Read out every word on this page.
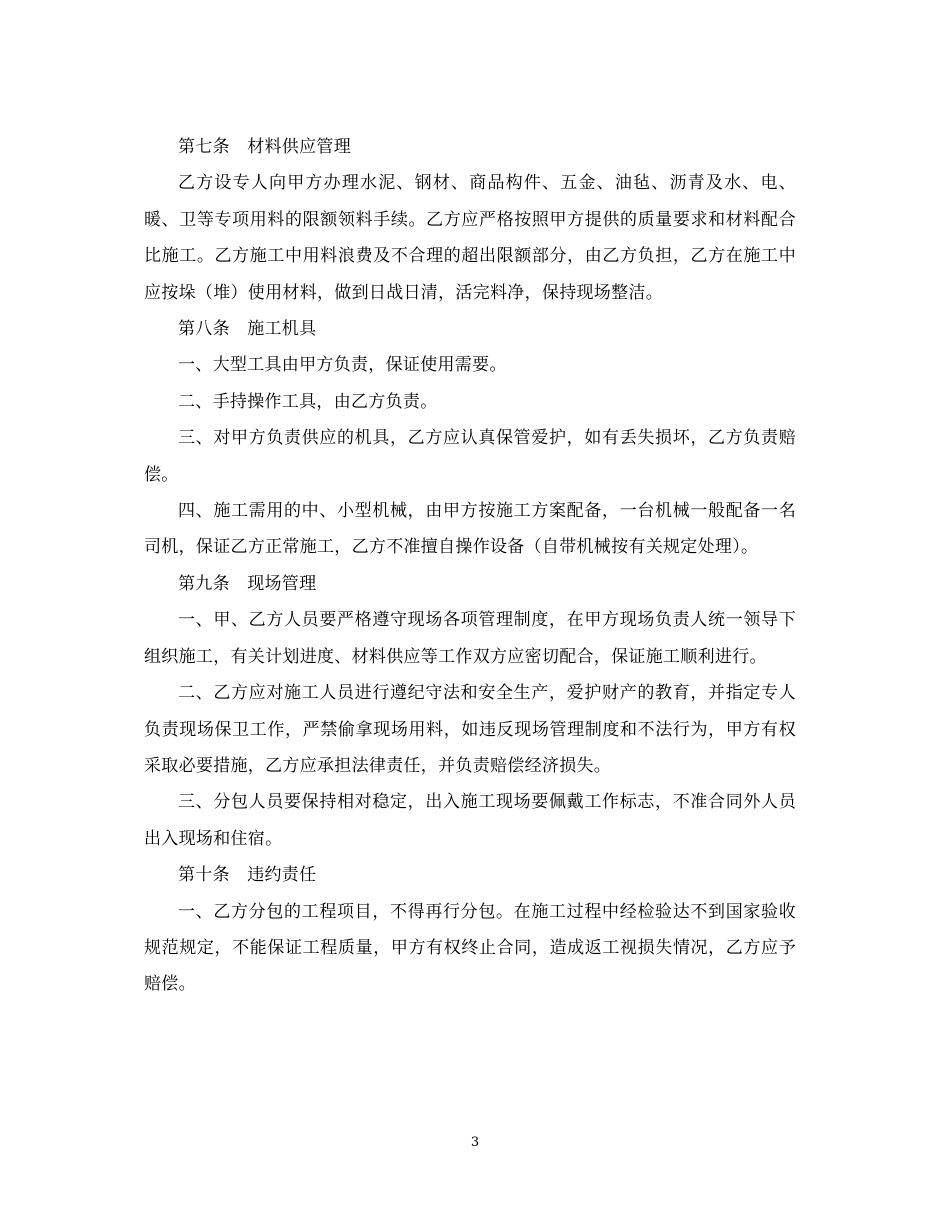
第七条　材料供应管理

乙方设专人向甲方办理水泥、钢材、商品构件、五金、油毡、沥青及水、电、暖、卫等专项用料的限额领料手续。乙方应严格按照甲方提供的质量要求和材料配合比施工。乙方施工中用料浪费及不合理的超出限额部分，由乙方负担，乙方在施工中应按垛（堆）使用材料，做到日战日清，活完料净，保持现场整洁。

第八条　施工机具

一、大型工具由甲方负责，保证使用需要。

二、手持操作工具，由乙方负责。

三、对甲方负责供应的机具，乙方应认真保管爱护，如有丢失损坏，乙方负责赔偿。

四、施工需用的中、小型机械，由甲方按施工方案配备，一台机械一般配备一名司机，保证乙方正常施工，乙方不准擅自操作设备（自带机械按有关规定处理）。

第九条　现场管理

一、甲、乙方人员要严格遵守现场各项管理制度，在甲方现场负责人统一领导下组织施工，有关计划进度、材料供应等工作双方应密切配合，保证施工顺利进行。

二、乙方应对施工人员进行遵纪守法和安全生产，爱护财产的教育，并指定专人负责现场保卫工作，严禁偷拿现场用料，如违反现场管理制度和不法行为，甲方有权采取必要措施，乙方应承担法律责任，并负责赔偿经济损失。

三、分包人员要保持相对稳定，出入施工现场要佩戴工作标志，不准合同外人员出入现场和住宿。

第十条　违约责任

一、乙方分包的工程项目，不得再行分包。在施工过程中经检验达不到国家验收规范规定，不能保证工程质量，甲方有权终止合同，造成返工视损失情况，乙方应予赔偿。

3
